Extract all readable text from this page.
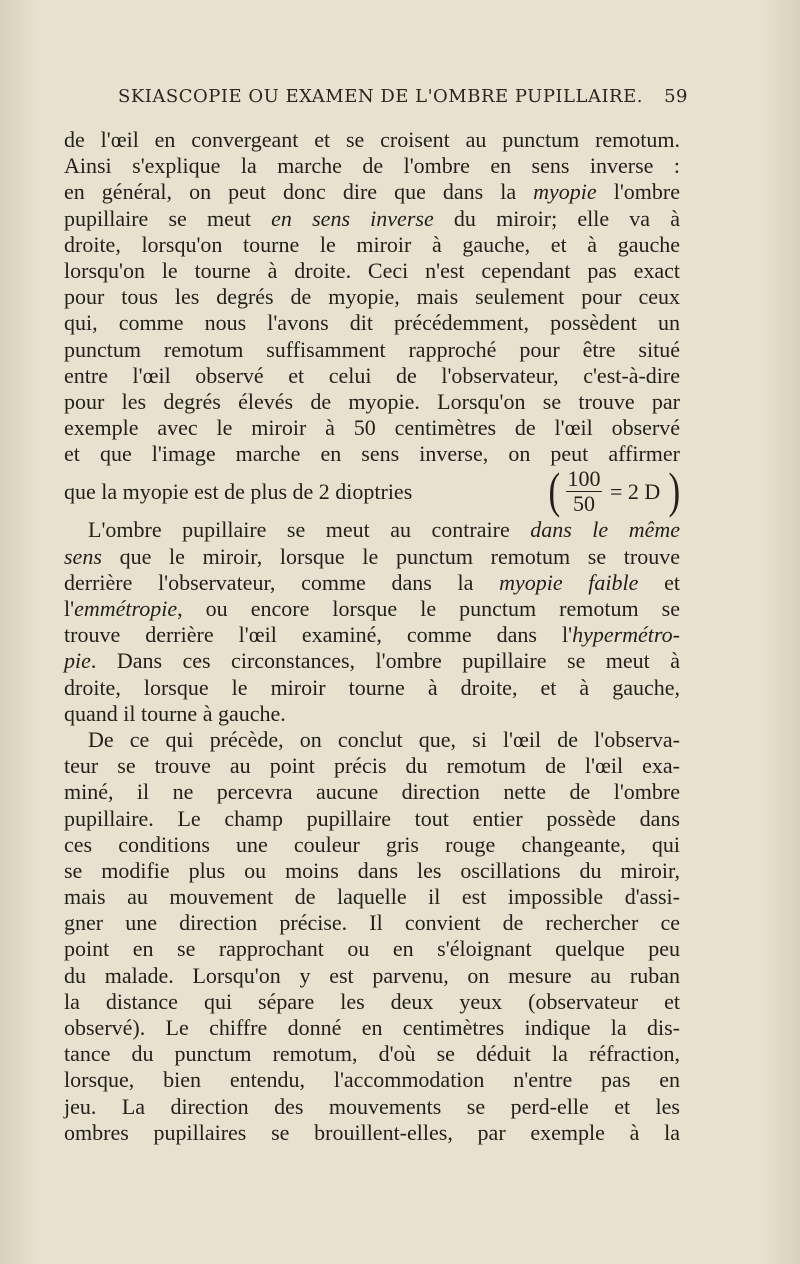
SKIASCOPIE OU EXAMEN DE L'OMBRE PUPILLAIRE. 59
de l'œil en convergeant et se croisent au punctum remotum.
Ainsi s'explique la marche de l'ombre en sens inverse :
en général, on peut donc dire que dans la myopie l'ombre
pupillaire se meut en sens inverse du miroir; elle va à
droite, lorsqu'on tourne le miroir à gauche, et à gauche
lorsqu'on le tourne à droite. Ceci n'est cependant pas exact
pour tous les degrés de myopie, mais seulement pour ceux
qui, comme nous l'avons dit précédemment, possèdent un
punctum remotum suffisamment rapproché pour être situé
entre l'œil observé et celui de l'observateur, c'est-à-dire
pour les degrés élevés de myopie. Lorsqu'on se trouve par
exemple avec le miroir à 50 centimètres de l'œil observé
et que l'image marche en sens inverse, on peut affirmer
que la myopie est de plus de 2 dioptries	( 100
50 = 2 D )
L'ombre pupillaire se meut au contraire dans le même
sens que le miroir, lorsque le punctum remotum se trouve
derrière l'observateur, comme dans la myopie faible et
l'emmétropie, ou encore lorsque le punctum remotum se
trouve derrière l'œil examiné, comme dans l'hypermétro-
pie. Dans ces circonstances, l'ombre pupillaire se meut à
droite, lorsque le miroir tourne à droite, et à gauche,
quand il tourne à gauche.
De ce qui précède, on conclut que, si l'œil de l'observa-
teur se trouve au point précis du remotum de l'œil exa-
miné, il ne percevra aucune direction nette de l'ombre
pupillaire. Le champ pupillaire tout entier possède dans
ces conditions une couleur gris rouge changeante, qui
se modifie plus ou moins dans les oscillations du miroir,
mais au mouvement de laquelle il est impossible d'assi-
gner une direction précise. Il convient de rechercher ce
point en se rapprochant ou en s'éloignant quelque peu
du malade. Lorsqu'on y est parvenu, on mesure au ruban
la distance qui sépare les deux yeux (observateur et
observé). Le chiffre donné en centimètres indique la dis-
tance du punctum remotum, d'où se déduit la réfraction,
lorsque, bien entendu, l'accommodation n'entre pas en
jeu. La direction des mouvements se perd-elle et les
ombres pupillaires se brouillent-elles, par exemple à la
